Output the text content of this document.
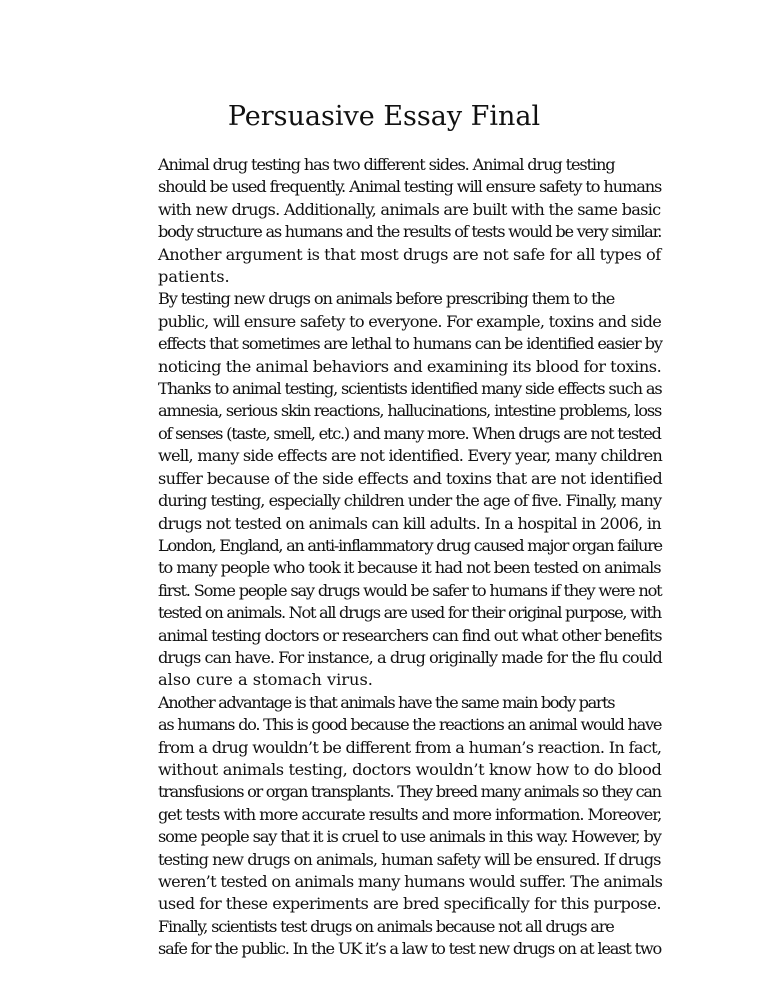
Persuasive Essay Final

Animal drug testing has two different sides. Animal drug testing
should be used frequently. Animal testing will ensure safety to humans
with new drugs. Additionally, animals are built with the same basic
body structure as humans and the results of tests would be very similar.
Another argument is that most drugs are not safe for all types of
patients.

By testing new drugs on animals before prescribing them to the
public, will ensure safety to everyone. For example, toxins and side
effects that sometimes are lethal to humans can be identified easier by
noticing the animal behaviors and examining its blood for toxins.
Thanks to animal testing, scientists identified many side effects such as
amnesia, serious skin reactions, hallucinations, intestine problems, loss
of senses (taste, smell, etc.) and many more. When drugs are not tested
well, many side effects are not identified. Every year, many children
suffer because of the side effects and toxins that are not identified
during testing, especially children under the age of five. Finally, many
drugs not tested on animals can kill adults. In a hospital in 2006, in
London, England, an anti-inflammatory drug caused major organ failure
to many people who took it because it had not been tested on animals
first. Some people say drugs would be safer to humans if they were not
tested on animals. Not all drugs are used for their original purpose, with
animal testing doctors or researchers can find out what other benefits
drugs can have. For instance, a drug originally made for the flu could
also cure a stomach virus.

Another advantage is that animals have the same main body parts
as humans do. This is good because the reactions an animal would have
from a drug wouldn’t be different from a human’s reaction. In fact,
without animals testing, doctors wouldn’t know how to do blood
transfusions or organ transplants. They breed many animals so they can
get tests with more accurate results and more information. Moreover,
some people say that it is cruel to use animals in this way. However, by
testing new drugs on animals, human safety will be ensured. If drugs
weren’t tested on animals many humans would suffer. The animals
used for these experiments are bred specifically for this purpose.

Finally, scientists test drugs on animals because not all drugs are
safe for the public. In the UK it’s a law to test new drugs on at least two
